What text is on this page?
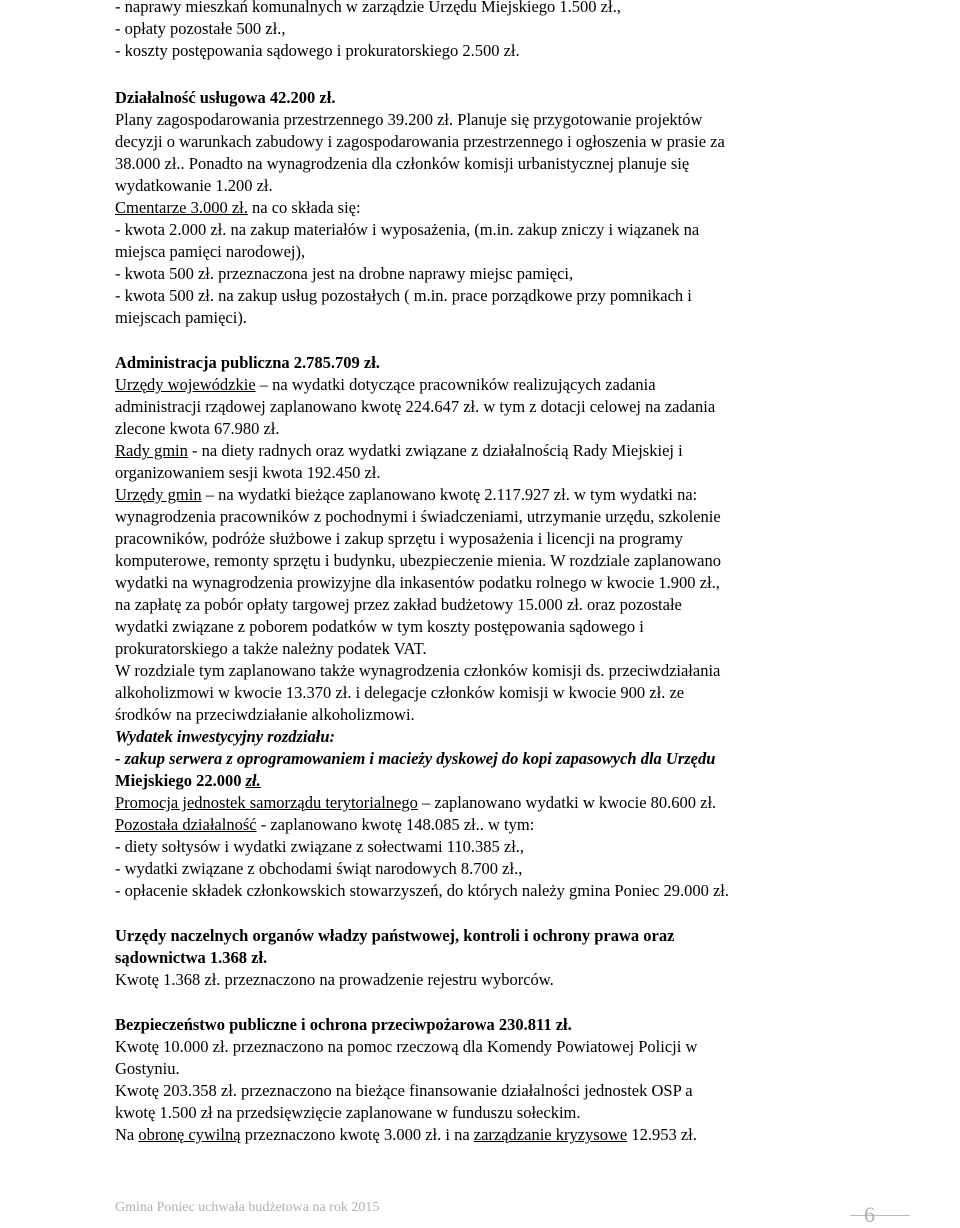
- naprawy mieszkań komunalnych w zarządzie Urzędu Miejskiego 1.500 zł.,
- opłaty pozostałe 500 zł.,
- koszty postępowania sądowego i prokuratorskiego 2.500 zł.
Działalność usługowa 42.200 zł.
Plany zagospodarowania przestrzennego 39.200 zł. Planuje się przygotowanie projektów
decyzji o warunkach zabudowy i zagospodarowania przestrzennego i ogłoszenia w prasie za
38.000 zł.. Ponadto na wynagrodzenia dla członków komisji urbanistycznej planuje się
wydatkowanie 1.200 zł.
Cmentarze 3.000 zł. na co składa się:
- kwota 2.000 zł. na zakup materiałów i wyposażenia, (m.in. zakup zniczy i wiązanek na
miejsca pamięci narodowej),
- kwota 500 zł. przeznaczona jest na drobne naprawy miejsc pamięci,
- kwota 500 zł. na zakup usług pozostałych ( m.in. prace porządkowe przy pomnikach i
miejscach pamięci).
Administracja publiczna 2.785.709 zł.
Urzędy wojewódzkie – na wydatki dotyczące pracowników realizujących zadania
administracji rządowej zaplanowano kwotę 224.647 zł. w tym z dotacji celowej na zadania
zlecone kwota 67.980 zł.
Rady gmin - na diety radnych oraz wydatki związane z działalnością Rady Miejskiej i
organizowaniem sesji kwota 192.450 zł.
Urzędy gmin – na wydatki bieżące zaplanowano kwotę 2.117.927 zł. w tym wydatki na:
wynagrodzenia pracowników z pochodnymi i świadczeniami, utrzymanie urzędu, szkolenie
pracowników, podróże służbowe i zakup sprzętu i wyposażenia i licencji na programy
komputerowe, remonty sprzętu i budynku, ubezpieczenie mienia. W rozdziale zaplanowano
wydatki na wynagrodzenia prowizyjne dla inkasentów podatku rolnego w kwocie 1.900 zł.,
na zapłatę za pobór opłaty targowej przez zakład budżetowy 15.000 zł. oraz pozostałe
wydatki związane z poborem podatków w tym koszty postępowania sądowego i
prokuratorskiego a także należny podatek VAT.
W rozdziale tym zaplanowano także wynagrodzenia członków komisji ds. przeciwdziałania
alkoholizmowi w kwocie 13.370 zł. i delegacje członków komisji w kwocie 900 zł. ze
środków na przeciwdziałanie alkoholizmowi.
Wydatek inwestycyjny rozdziału:
- zakup serwera z oprogramowaniem i macieży dyskowej do kopi zapasowych dla Urzędu
Miejskiego 22.000 zł.
Promocja jednostek samorządu terytorialnego – zaplanowano wydatki w kwocie 80.600 zł.
Pozostała działalność - zaplanowano kwotę 148.085 zł.. w tym:
- diety sołtysów i wydatki związane z sołectwami 110.385 zł.,
- wydatki związane z obchodami świąt narodowych 8.700 zł.,
- opłacenie składek członkowskich stowarzyszeń, do których należy gmina Poniec 29.000 zł.
Urzędy naczelnych organów władzy państwowej, kontroli i ochrony prawa oraz
sądownictwa 1.368 zł.
Kwotę 1.368 zł. przeznaczono na prowadzenie rejestru wyborców.
Bezpieczeństwo publiczne i ochrona przeciwpożarowa 230.811 zł.
Kwotę 10.000 zł. przeznaczono na pomoc rzeczową dla Komendy Powiatowej Policji w
Gostyniu.
Kwotę 203.358 zł. przeznaczono na bieżące finansowanie działalności jednostek OSP a
kwotę 1.500 zł na przedsięwzięcie zaplanowane w funduszu sołeckim.
Na obronę cywilną przeznaczono kwotę 3.000 zł. i na zarządzanie kryzysowe 12.953 zł.
Gmina Poniec uchwała budżetowa na rok 2015	6
